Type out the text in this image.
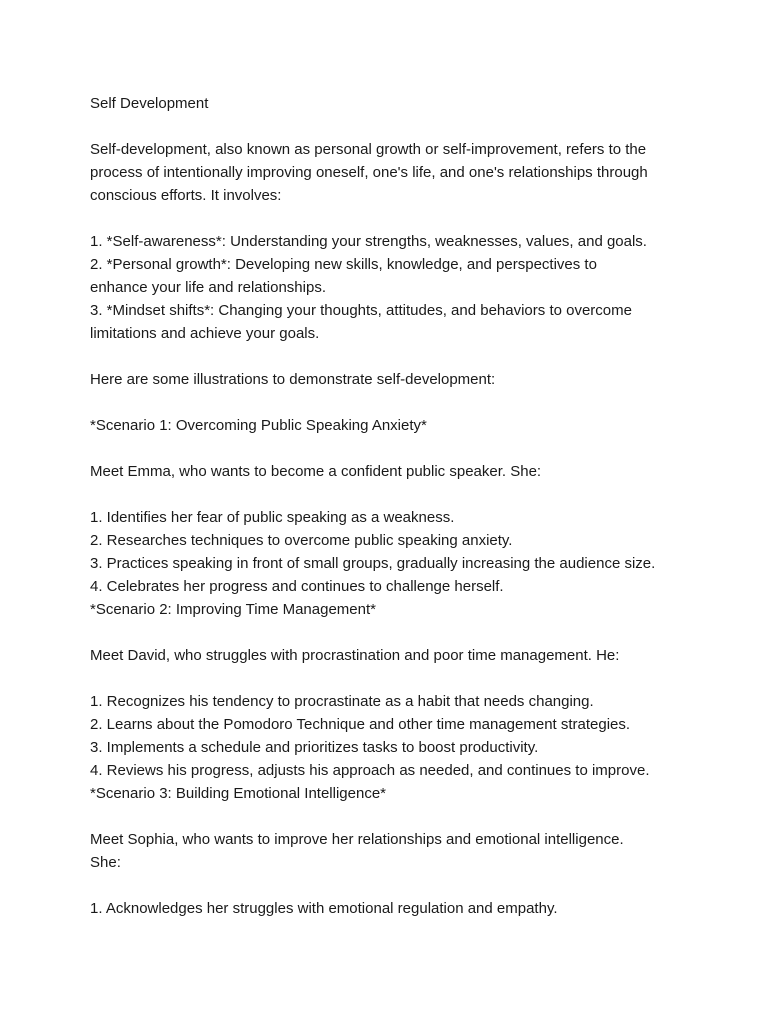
Self Development
Self-development, also known as personal growth or self-improvement, refers to the
process of intentionally improving oneself, one's life, and one's relationships through
conscious efforts. It involves:
1. *Self-awareness*: Understanding your strengths, weaknesses, values, and goals.
2. *Personal growth*: Developing new skills, knowledge, and perspectives to
enhance your life and relationships.
3. *Mindset shifts*: Changing your thoughts, attitudes, and behaviors to overcome
limitations and achieve your goals.
Here are some illustrations to demonstrate self-development:
*Scenario 1: Overcoming Public Speaking Anxiety*
Meet Emma, who wants to become a confident public speaker. She:
1. Identifies her fear of public speaking as a weakness.
2. Researches techniques to overcome public speaking anxiety.
3. Practices speaking in front of small groups, gradually increasing the audience size.
4. Celebrates her progress and continues to challenge herself.
*Scenario 2: Improving Time Management*
Meet David, who struggles with procrastination and poor time management. He:
1. Recognizes his tendency to procrastinate as a habit that needs changing.
2. Learns about the Pomodoro Technique and other time management strategies.
3. Implements a schedule and prioritizes tasks to boost productivity.
4. Reviews his progress, adjusts his approach as needed, and continues to improve.
*Scenario 3: Building Emotional Intelligence*
Meet Sophia, who wants to improve her relationships and emotional intelligence.
She:
1. Acknowledges her struggles with emotional regulation and empathy.
